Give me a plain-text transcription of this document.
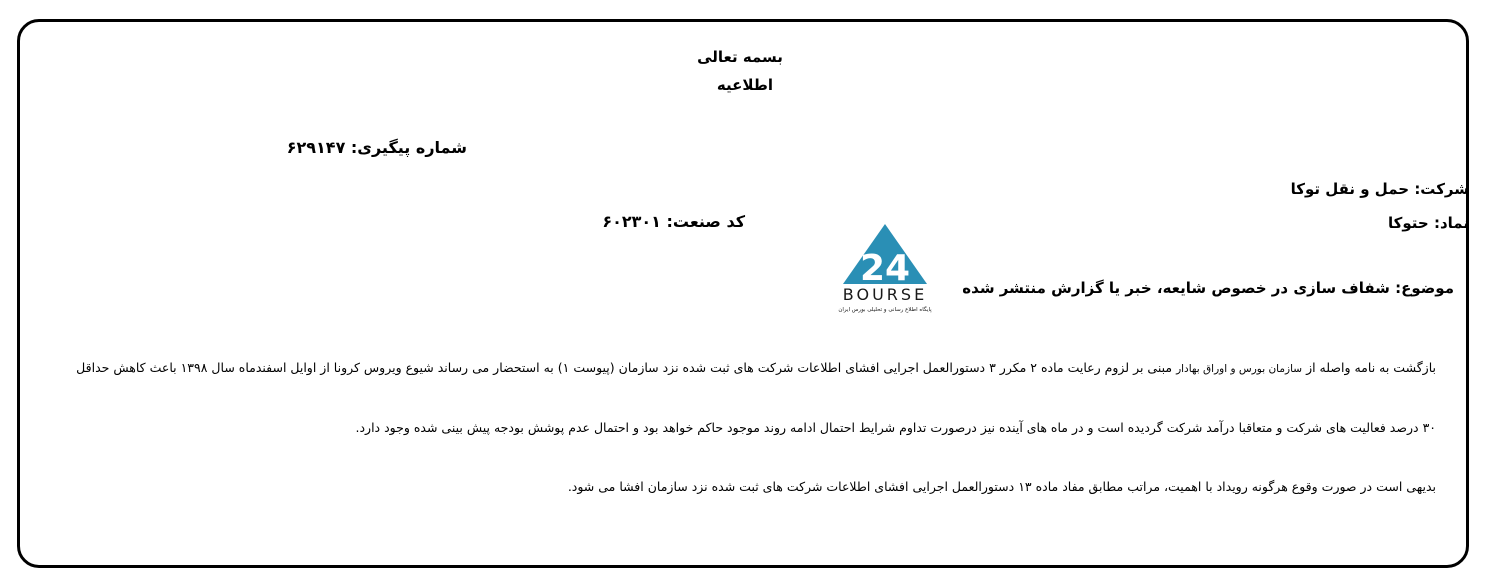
بسمه تعالی
اطلاعیه
شماره پیگیری: ۶۲۹۱۴۷
شرکت: حمل و نقل توکا
نماد: حتوکا
کد صنعت: ۶۰۲۳۰۱
24
BOURSE
پایگاه اطلاع رسانی و تحلیلی بورس ایران
موضوع: شفاف سازی در خصوص شایعه، خبر یا گزارش منتشر شده
بازگشت به نامه واصله از سازمان بورس و اوراق بهادار مبنی بر لزوم رعایت ماده ۲ مکرر ۳ دستورالعمل اجرایی افشای اطلاعات شرکت های ثبت شده نزد سازمان (پیوست ۱) به استحضار می رساند شیوع ویروس کرونا از اوایل اسفندماه سال ۱۳۹۸ باعث کاهش حداقل
۳۰ درصد فعالیت های شرکت و متعاقبا درآمد شرکت گردیده است و در ماه های آینده نیز درصورت تداوم شرایط احتمال ادامه روند موجود حاکم خواهد بود و احتمال عدم پوشش بودجه پیش بینی شده وجود دارد.
بدیهی است در صورت وقوع هرگونه رویداد با اهمیت، مراتب مطابق مفاد ماده ۱۳ دستورالعمل اجرایی افشای اطلاعات شرکت های ثبت شده نزد سازمان افشا می شود.
